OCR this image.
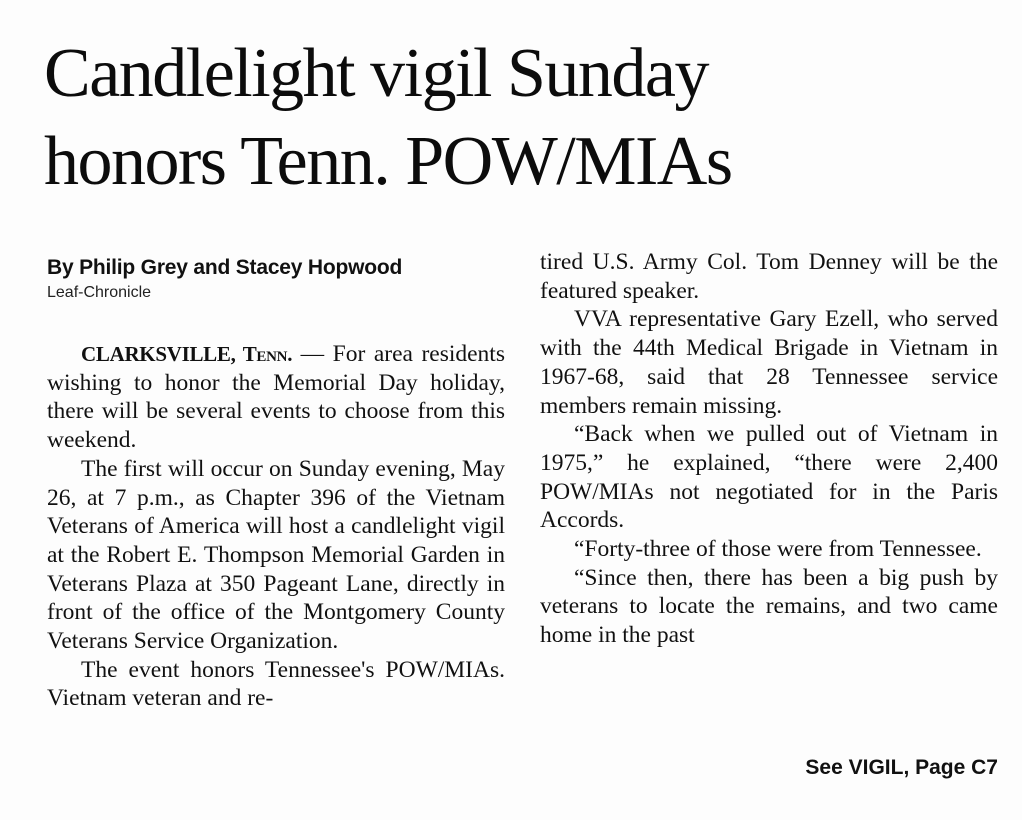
Candlelight vigil Sunday
honors Tenn. POW/MIAs
By Philip Grey and Stacey Hopwood
Leaf-Chronicle

CLARKSVILLE, Tenn. — For area residents wishing to honor the Memorial Day holiday, there will be several events to choose from this weekend.

The first will occur on Sunday evening, May 26, at 7 p.m., as Chapter 396 of the Vietnam Veterans of America will host a candlelight vigil at the Robert E. Thompson Memorial Garden in Veterans Plaza at 350 Pageant Lane, directly in front of the office of the Montgomery County Veterans Service Organization.

The event honors Tennessee's POW/MIAs. Vietnam veteran and re-

tired U.S. Army Col. Tom Denney will be the featured speaker.

VVA representative Gary Ezell, who served with the 44th Medical Brigade in Vietnam in 1967-68, said that 28 Tennessee service members remain missing.

“Back when we pulled out of Vietnam in 1975,” he explained, “there were 2,400 POW/MIAs not negotiated for in the Paris Accords.

“Forty-three of those were from Tennessee.

“Since then, there has been a big push by veterans to locate the remains, and two came home in the past

See VIGIL, Page C7
